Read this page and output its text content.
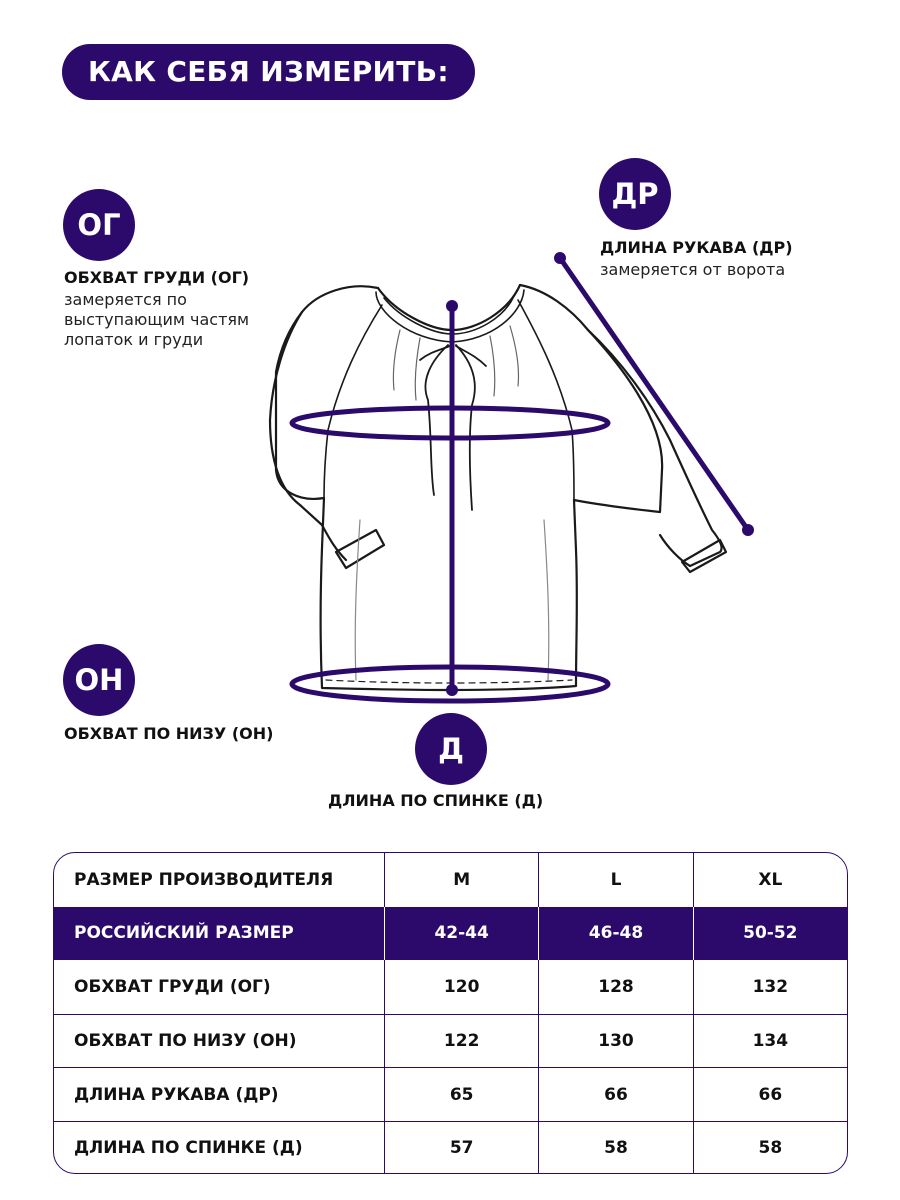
КАК СЕБЯ ИЗМЕРИТЬ:
ОГ
ОБХВАТ ГРУДИ (ОГ)
замеряется по
выступающим частям
лопаток и груди
ДР
ДЛИНА РУКАВА (ДР)
замеряется от ворота
ОН
ОБХВАТ ПО НИЗУ (ОН)	Д
ДЛИНА ПО СПИНКЕ (Д)
РАЗМЕР ПРОИЗВОДИТЕЛЯ	M	L	XL
РОССИЙСКИЙ РАЗМЕР	42-44	46-48	50-52
ОБХВАТ ГРУДИ (ОГ)	120	128	132
ОБХВАТ ПО НИЗУ (ОН)	122	130	134
ДЛИНА РУКАВА (ДР)	65	66	66
ДЛИНА ПО СПИНКЕ (Д)	57	58	58
